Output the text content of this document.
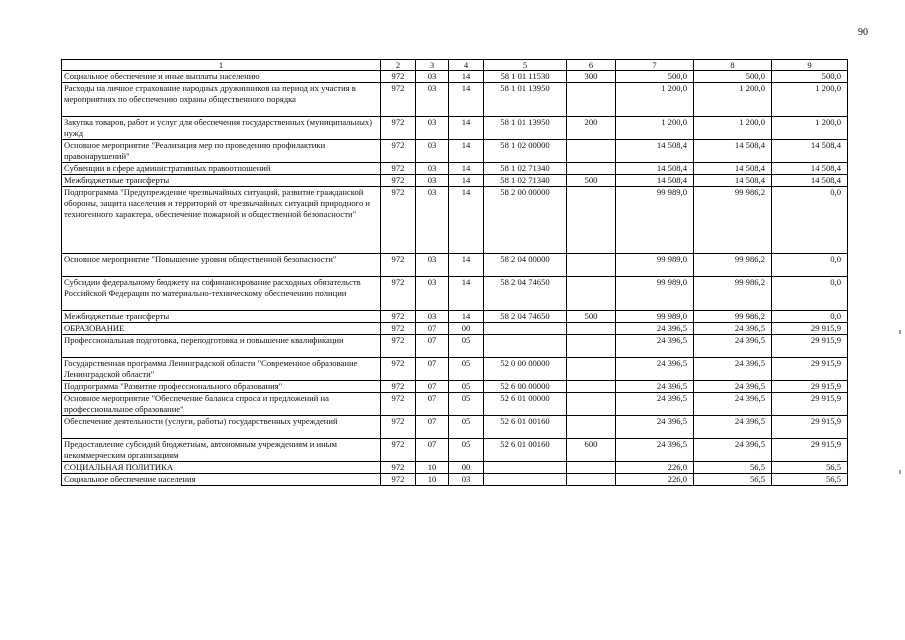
90
1	2	3	4	5	6	7	8	9
Социальное обеспечение и иные выплаты населению	972	03	14	58 1 01 11530	300	500,0	500,0	500,0
Расходы на личное страхование народных дружинников на период их участия в мероприятиях по обеспечению охраны общественного порядка	972	03	14	58 1 01 13950		1 200,0	1 200,0	1 200,0
Закупка товаров, работ и услуг для обеспечения государственных (муниципальных) нужд	972	03	14	58 1 01 13950	200	1 200,0	1 200,0	1 200,0
Основное мероприятие "Реализация мер по проведению профилактики правонарушений"	972	03	14	58 1 02 00000		14 508,4	14 508,4	14 508,4
Субвенции в сфере административных правоотношений	972	03	14	58 1 02 71340		14 508,4	14 508,4	14 508,4
Межбюджетные трансферты	972	03	14	58 1 02 71340	500	14 508,4	14 508,4	14 508,4
Подпрограмма "Предупреждение чрезвычайных ситуаций, развитие гражданской обороны, защита населения и территорий от чрезвычайных ситуаций природного и техногенного характера, обеспечение пожарной и общественной безопасности"	972	03	14	58 2 00 00000		99 989,0	99 986,2	0,0
Основное мероприятие "Повышение уровня общественной безопасности"	972	03	14	58 2 04 00000		99 989,0	99 986,2	0,0
Субсидии федеральному бюджету на софинансирование расходных обязательств Российской Федерации по материально-техническому обеспечению полиции	972	03	14	58 2 04 74650		99 989,0	99 986,2	0,0
Межбюджетные трансферты	972	03	14	58 2 04 74650	500	99 989,0	99 986,2	0,0
ОБРАЗОВАНИЕ	972	07	00			24 396,5	24 396,5	29 915,9
Профессиональная подготовка, переподготовка и повышение квалификации	972	07	05			24 396,5	24 396,5	29 915,9
Государственная программа Ленинградской области "Современное образование Ленинградской области"	972	07	05	52 0 00 00000		24 396,5	24 396,5	29 915,9
Подпрограмма "Развитие профессионального образования"	972	07	05	52 6 00 00000		24 396,5	24 396,5	29 915,9
Основное мероприятие "Обеспечение баланса спроса и предложений на профессиональное образование"	972	07	05	52 6 01 00000		24 396,5	24 396,5	29 915,9
Обеспечение деятельности (услуги, работы) государственных учреждений	972	07	05	52 6 01 00160		24 396,5	24 396,5	29 915,9
Предоставление субсидий бюджетным, автономным учреждениям и иным некоммерческим организациям	972	07	05	52 6 01 00160	600	24 396,5	24 396,5	29 915,9
СОЦИАЛЬНАЯ ПОЛИТИКА	972	10	00			226,0	56,5	56,5
Социальное обеспечение населения	972	10	03			226,0	56,5	56,5
